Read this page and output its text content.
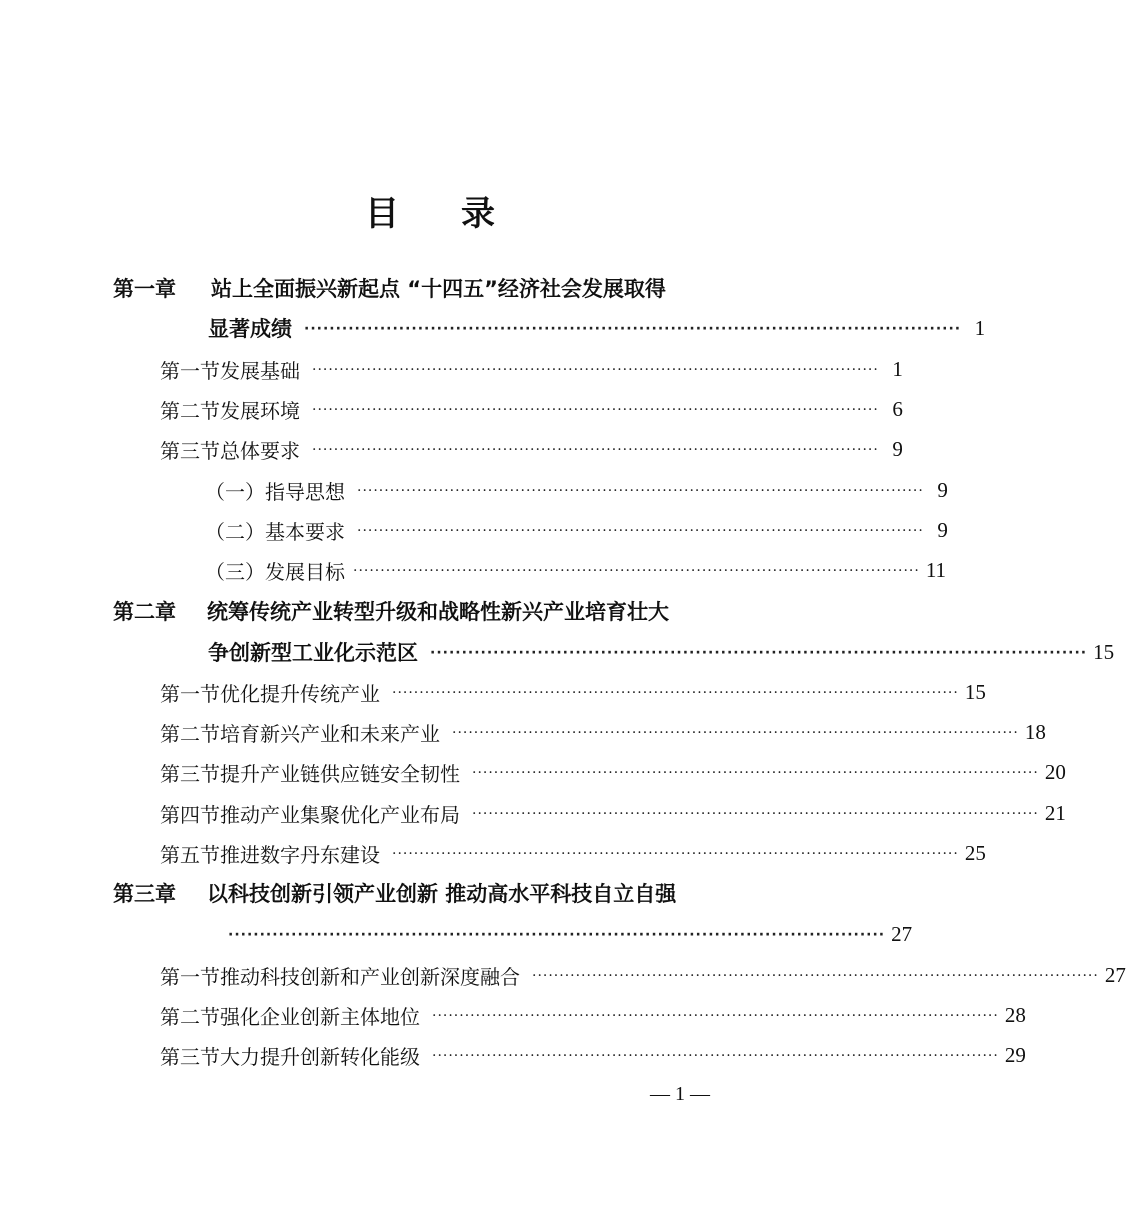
目 录
第一章	站上全面振兴新起点 “十四五”经济社会发展取得
显著成绩 ········································································································ 1
第一节 发展基础 ········································································································ 1
第二节 发展环境 ········································································································ 6
第三节 总体要求 ········································································································ 9
（一） 指导思想 ········································································································ 9
（二） 基本要求 ········································································································ 9
（三） 发展目标 ········································································································ 11
第二章	统筹传统产业转型升级和战略性新兴产业培育壮大
争创新型工业化示范区 ········································································································ 15
第一节 优化提升传统产业 ········································································································ 15
第二节 培育新兴产业和未来产业 ········································································································ 18
第三节 提升产业链供应链安全韧性 ········································································································ 20
第四节 推动产业集聚优化产业布局 ········································································································ 21
第五节 推进数字丹东建设 ········································································································ 25
第三章	以科技创新引领产业创新 推动高水平科技自立自强
········································································································ 27
第一节 推动科技创新和产业创新深度融合 ········································································································ 27
第二节 强化企业创新主体地位 ········································································································ 28
第三节 大力提升创新转化能级 ········································································································ 29
— 1 —
